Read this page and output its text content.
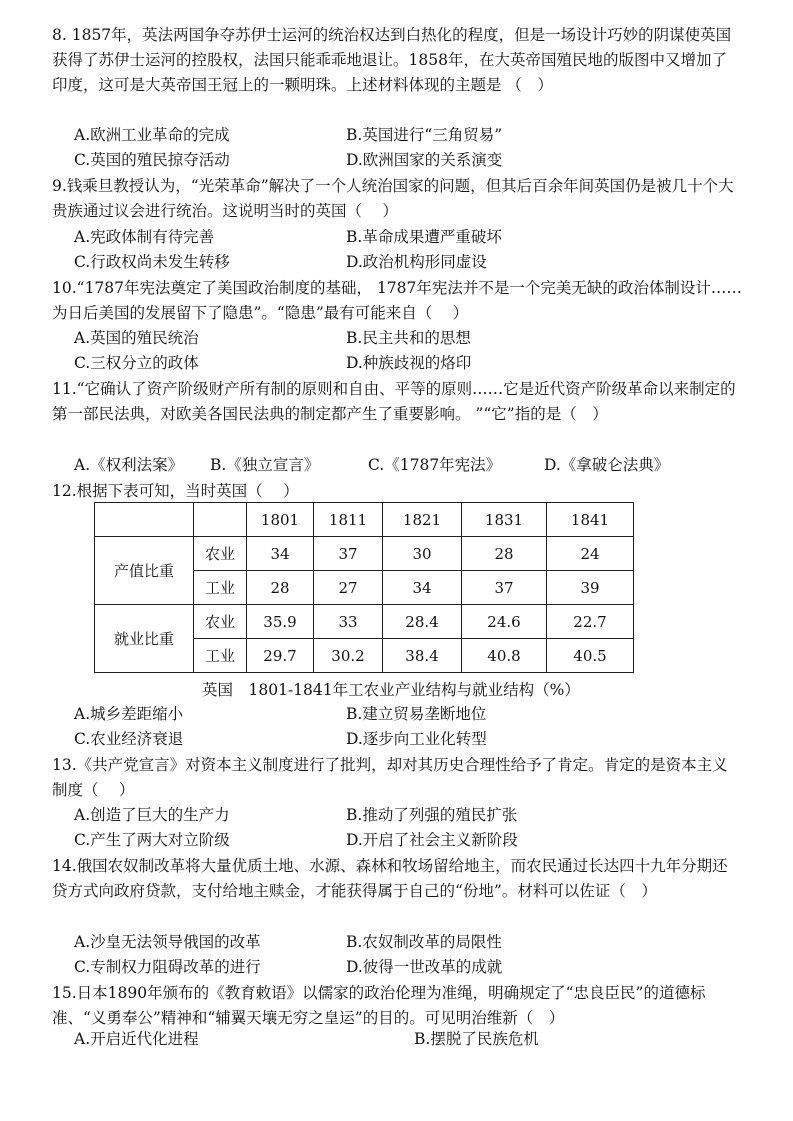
8. 1857年，英法两国争夺苏伊士运河的统治权达到白热化的程度，但是一场设计巧妙的阴谋使英国获得了苏伊士运河的控股权，法国只能乖乖地退让。1858年，在大英帝国殖民地的版图中又增加了印度，这可是大英帝国王冠上的一颗明珠。上述材料体现的主题是 （　）
A.欧洲工业革命的完成	B.英国进行“三角贸易”
C.英国的殖民掠夺活动	D.欧洲国家的关系演变
9.钱乘旦教授认为，“光荣革命”解决了一个人统治国家的问题，但其后百余年间英国仍是被几十个大贵族通过议会进行统治。这说明当时的英国（　 ）
A.宪政体制有待完善	B.革命成果遭严重破坏
C.行政权尚未发生转移	D.政治机构形同虚设
10.“1787年宪法奠定了美国政治制度的基础， 1787年宪法并不是一个完美无缺的政治体制设计……为日后美国的发展留下了隐患”。“隐患”最有可能来自（　 ）
A.英国的殖民统治	B.民主共和的思想
C.三权分立的政体	D.种族歧视的烙印
11.“它确认了资产阶级财产所有制的原则和自由、平等的原则……它是近代资产阶级革命以来制定的第一部民法典，对欧美各国民法典的制定都产生了重要影响。 ”“它”指的是（　）
A.《权利法案》 B.《独立宣言》	C.《1787年宪法》	D.《拿破仑法典》
12.根据下表可知，当时英国（　 ）
		1801	1811	1821	1831	1841
产值比重	农业	34	37	30	28	24
	工业	28	27	34	37	39
就业比重	农业	35.9	33	28.4	24.6	22.7
	工业	29.7	30.2	38.4	40.8	40.5
英国　1801-1841年工农业产业结构与就业结构（%）
A.城乡差距缩小	B.建立贸易垄断地位
C.农业经济衰退	D.逐步向工业化转型
13.《共产党宣言》对资本主义制度进行了批判，却对其历史合理性给予了肯定。肯定的是资本主义制度（　 ）
A.创造了巨大的生产力	B.推动了列强的殖民扩张
C.产生了两大对立阶级	D.开启了社会主义新阶段
14.俄国农奴制改革将大量优质土地、水源、森林和牧场留给地主，而农民通过长达四十九年分期还贷方式向政府贷款，支付给地主赎金，才能获得属于自己的“份地”。材料可以佐证（　）
A.沙皇无法领导俄国的改革	B.农奴制改革的局限性
C.专制权力阻碍改革的进行	D.彼得一世改革的成就
15.日本1890年颁布的《教育敕语》以儒家的政治伦理为准绳，明确规定了“忠良臣民”的道德标准、“义勇奉公”精神和“辅翼天壤无穷之皇运”的目的。可见明治维新（　）
A.开启近代化进程	B.摆脱了民族危机
